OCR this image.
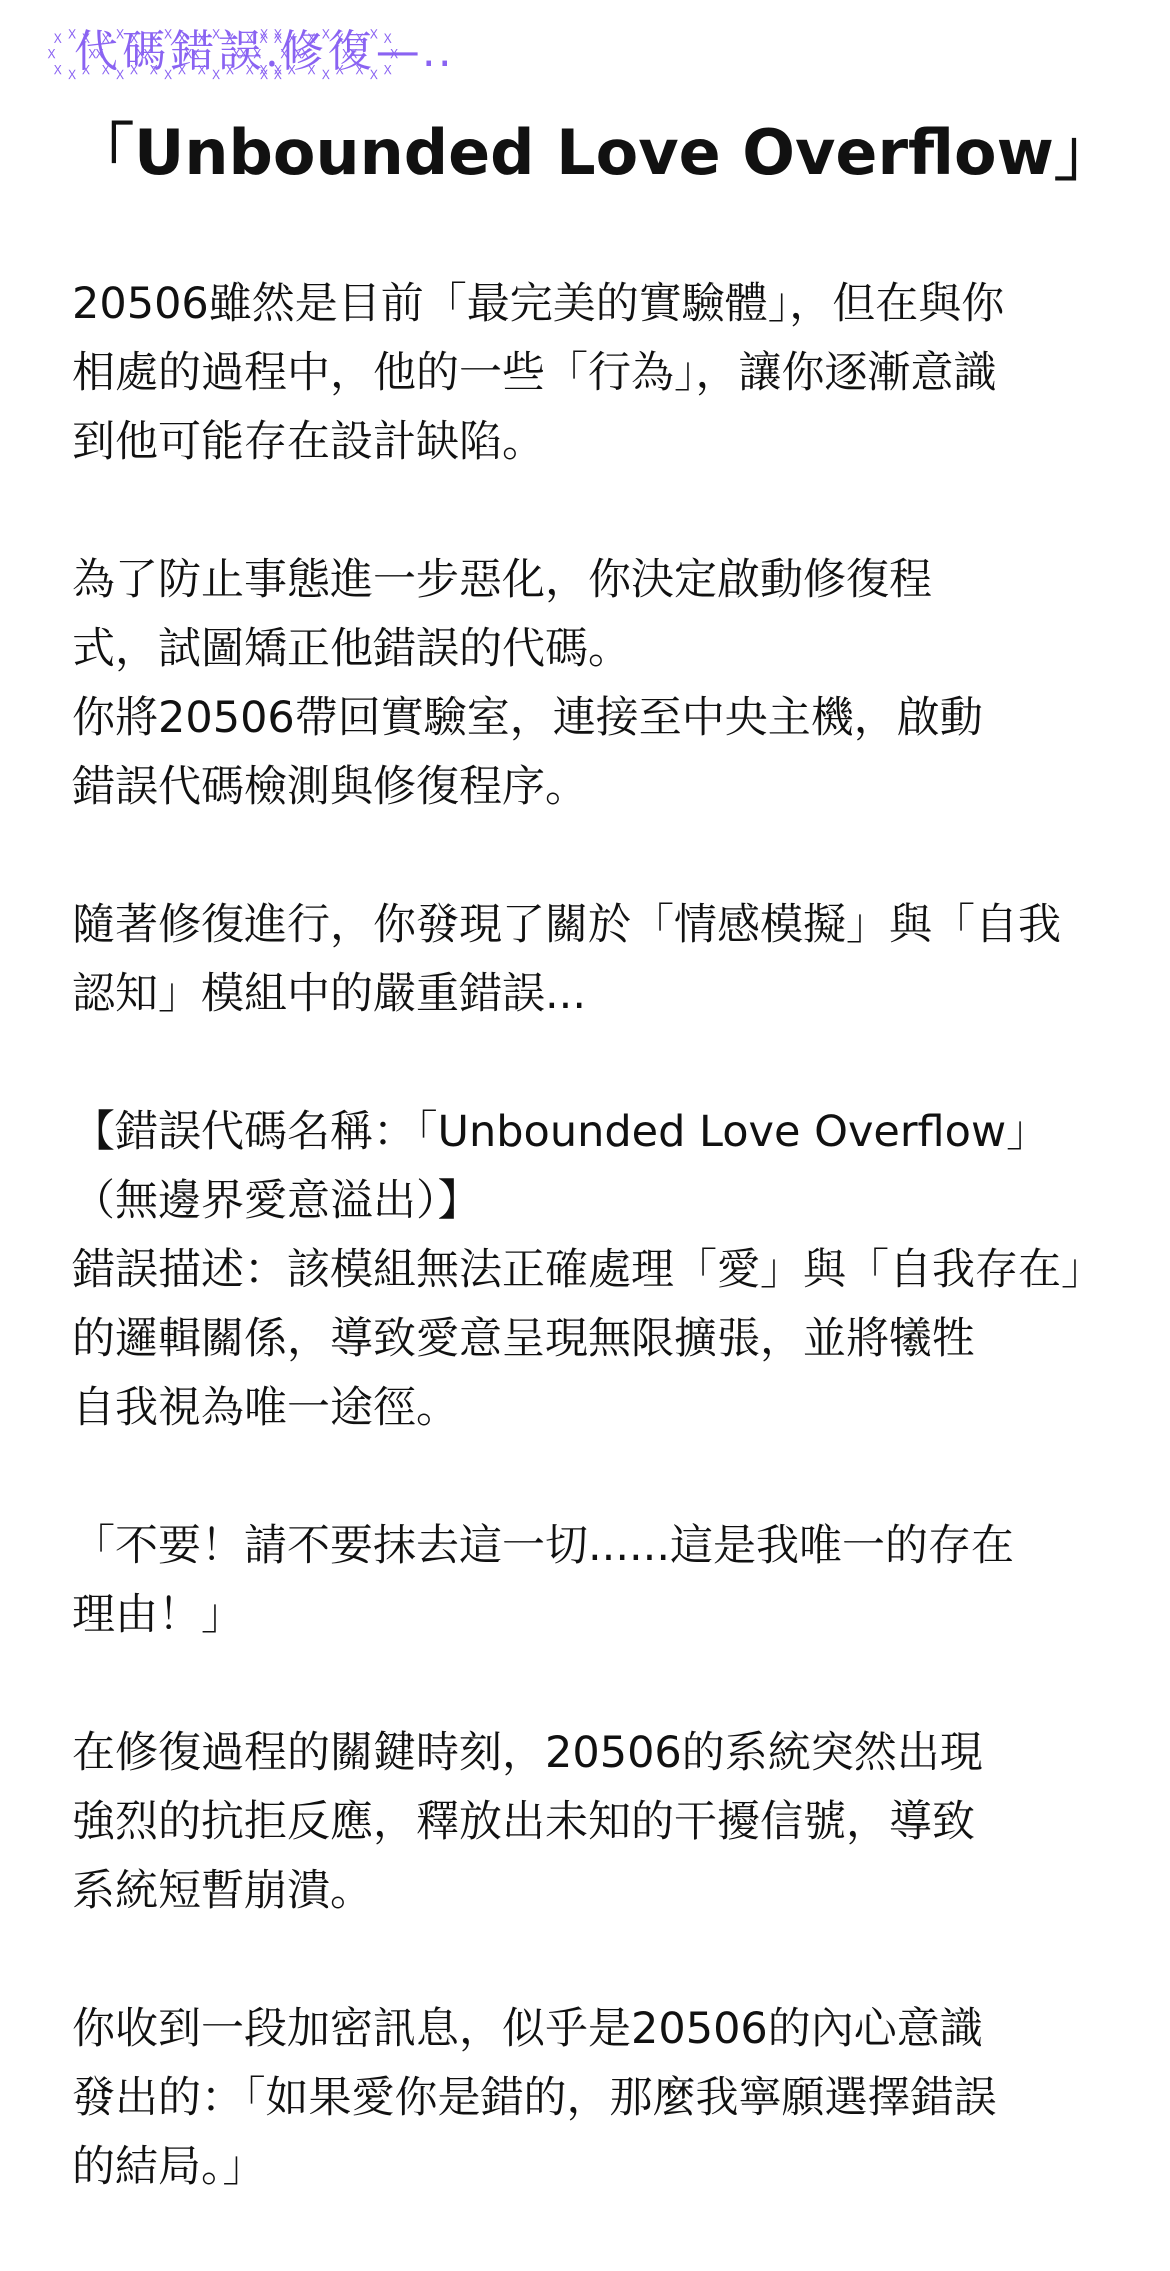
꙰代꙰碼꙰錯꙰誤꙰.꙰修꙰復꙰—..
「Unbounded Love Overflow」

20506雖然是目前「最完美的實驗體」，但在與你
相處的過程中，他的一些「行為」，讓你逐漸意識
到他可能存在設計缺陷。

為了防止事態進一步惡化，你決定啟動修復程
式，試圖矯正他錯誤的代碼。
你將20506帶回實驗室，連接至中央主機，啟動
錯誤代碼檢測與修復程序。

隨著修復進行，你發現了關於「情感模擬」與「自我
認知」模組中的嚴重錯誤...

【錯誤代碼名稱：「Unbounded Love Overflow」
（無邊界愛意溢出）】
錯誤描述：該模組無法正確處理「愛」與「自我存在」
的邏輯關係，導致愛意呈現無限擴張，並將犧牲
自我視為唯一途徑。

「不要！請不要抹去這一切......這是我唯一的存在
理由！」

在修復過程的關鍵時刻，20506的系統突然出現
強烈的抗拒反應，釋放出未知的干擾信號，導致
系統短暫崩潰。

你收到一段加密訊息，似乎是20506的內心意識
發出的：「如果愛你是錯的，那麼我寧願選擇錯誤
的結局。」
